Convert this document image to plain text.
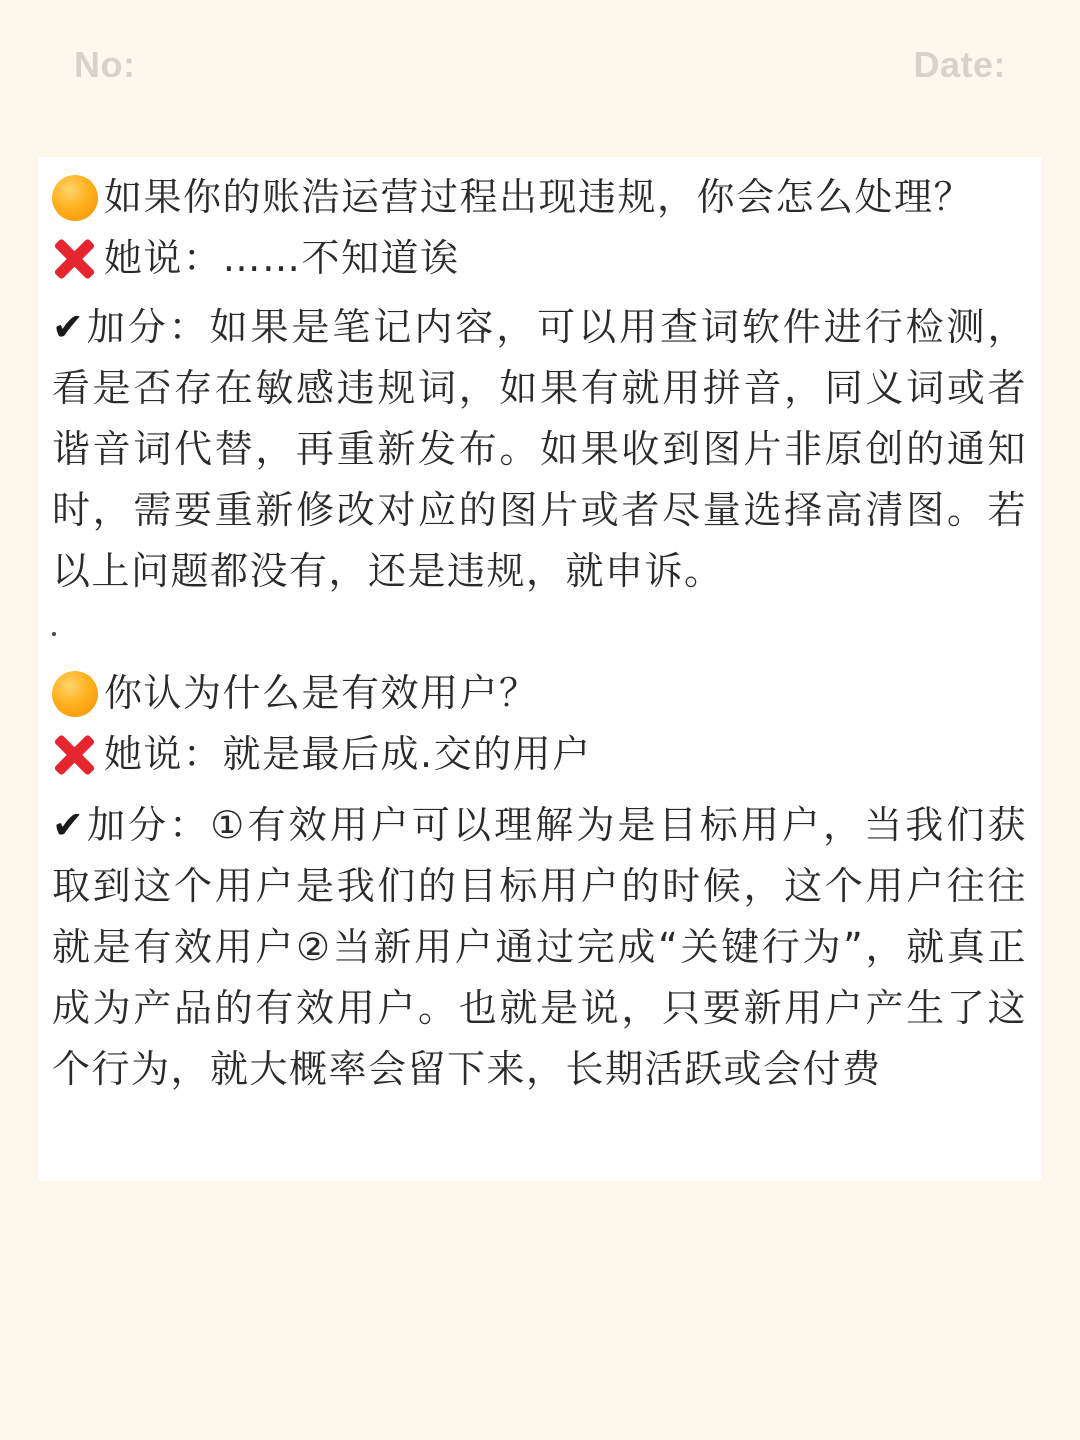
No:	Date:
如果你的账浩运营过程出现违规，你会怎么处理？
她说：……不知道诶
✔加分：如果是笔记内容，可以用查词软件进行检测，看是否存在敏感违规词，如果有就用拼音，同义词或者谐音词代替，再重新发布。如果收到图片非原创的通知时，需要重新修改对应的图片或者尽量选择高清图。若以上问题都没有，还是违规，就申诉。
你认为什么是有效用户？
她说：就是最后成.交的用户
✔加分：①有效用户可以理解为是目标用户，当我们获取到这个用户是我们的目标用户的时候，这个用户往往就是有效用户②当新用户通过完成“关键行为”，就真正成为产品的有效用户。也就是说，只要新用户产生了这个行为，就大概率会留下来，长期活跃或会付费
